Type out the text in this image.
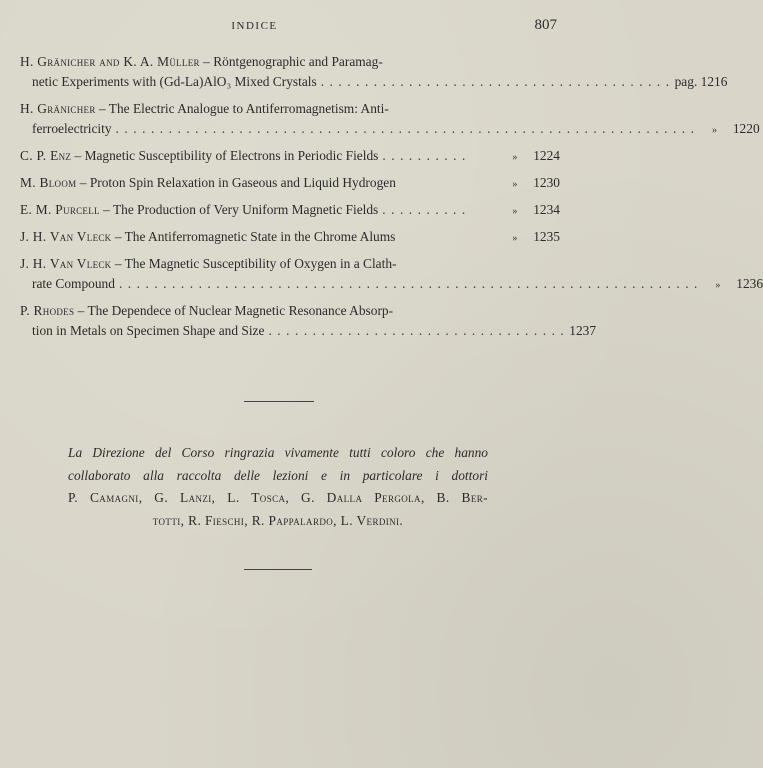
INDICE	807
H. Gränicher and K. A. Müller – Röntgenographic and Paramag-
netic Experiments with (Gd-La)AlO₃ Mixed Crystals ........................................ pag. 1216
H. Gränicher – The Electric Analogue to Antiferromagnetism: Anti-
ferroelectricity ..................................................................	» 1220
C. P. Enz – Magnetic Susceptibility of Electrons in Periodic Fields ..........	» 1224
M. Bloom – Proton Spin Relaxation in Gaseous and Liquid Hydrogen	» 1230
E. M. Purcell – The Production of Very Uniform Magnetic Fields ..........	» 1234
J. H. Van Vleck – The Antiferromagnetic State in the Chrome Alums	» 1235
J. H. Van Vleck – The Magnetic Susceptibility of Oxygen in a Clath-
rate Compound ..................................................................	» 1236
P. Rhodes – The Dependece of Nuclear Magnetic Resonance Absorp-
tion in Metals on Specimen Shape and Size .................................. 1237
La Direzione del Corso ringrazia vivamente tutti coloro che hanno
collaborato alla raccolta delle lezioni e in particolare i dottori
P. Camagni, G. Lanzi, L. Tosca, G. Dalla Pergola, B. Ber-
totti, R. Fieschi, R. Pappalardo, L. Verdini.
